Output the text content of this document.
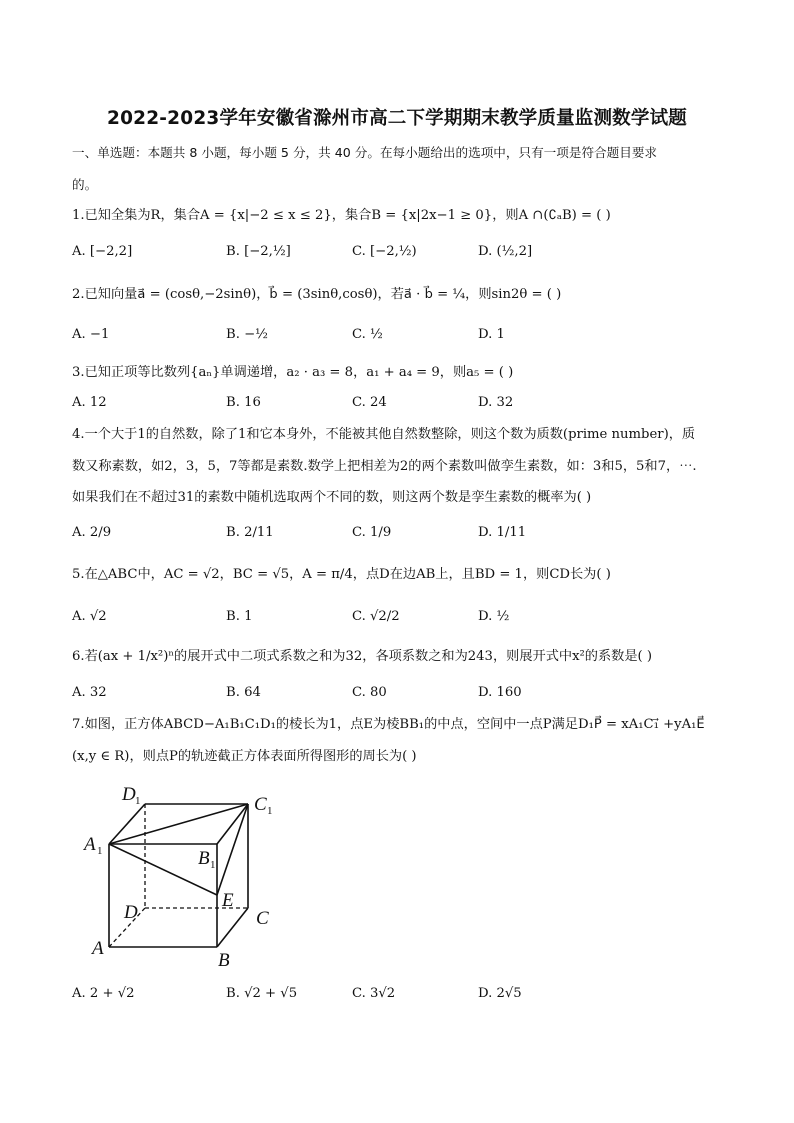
2022-2023学年安徽省滁州市高二下学期期末教学质量监测数学试题
一、单选题：本题共 8 小题，每小题 5 分，共 40 分。在每小题给出的选项中，只有一项是符合题目要求
的。
1.已知全集为R，集合A = {x|−2 ≤ x ≤ 2}，集合B = {x|2x−1 ≥ 0}，则A ∩(∁ₐB) = ( )
A. [−2,2]	B. [−2,½]	C. [−2,½)	D. (½,2]
2.已知向量a⃗ = (cosθ,−2sinθ)，b⃗ = (3sinθ,cosθ)，若a⃗ · b⃗ = ¼，则sin2θ = ( )
A. −1	B. −½	C. ½	D. 1
3.已知正项等比数列{aₙ}单调递增，a₂ · a₃ = 8，a₁ + a₄ = 9，则a₅ = ( )
A. 12	B. 16	C. 24	D. 32
4.一个大于1的自然数，除了1和它本身外，不能被其他自然数整除，则这个数为质数(prime number)，质
数又称素数，如2，3，5，7等都是素数.数学上把相差为2的两个素数叫做孪生素数，如：3和5，5和7，⋯.
如果我们在不超过31的素数中随机选取两个不同的数，则这两个数是孪生素数的概率为( )
A. 2/9	B. 2/11	C. 1/9	D. 1/11
5.在△ABC中，AC = √2，BC = √5，A = π/4，点D在边AB上，且BD = 1，则CD长为( )
A. √2	B. 1	C. √2/2	D. ½
6.若(ax + 1/x²)ⁿ的展开式中二项式系数之和为32，各项系数之和为243，则展开式中x²的系数是( )
A. 32	B. 64	C. 80	D. 160
7.如图，正方体ABCD−A₁B₁C₁D₁的棱长为1，点E为棱BB₁的中点，空间中一点P满足D₁P⃗ = xA₁C₁⃗ +yA₁E⃗
(x,y ∈ R)，则点P的轨迹截正方体表面所得图形的周长为( )
D 1	C 1
A 1	B 1
E
D	C
A
B
A. 2 + √2	B. √2 + √5	C. 3√2	D. 2√5
